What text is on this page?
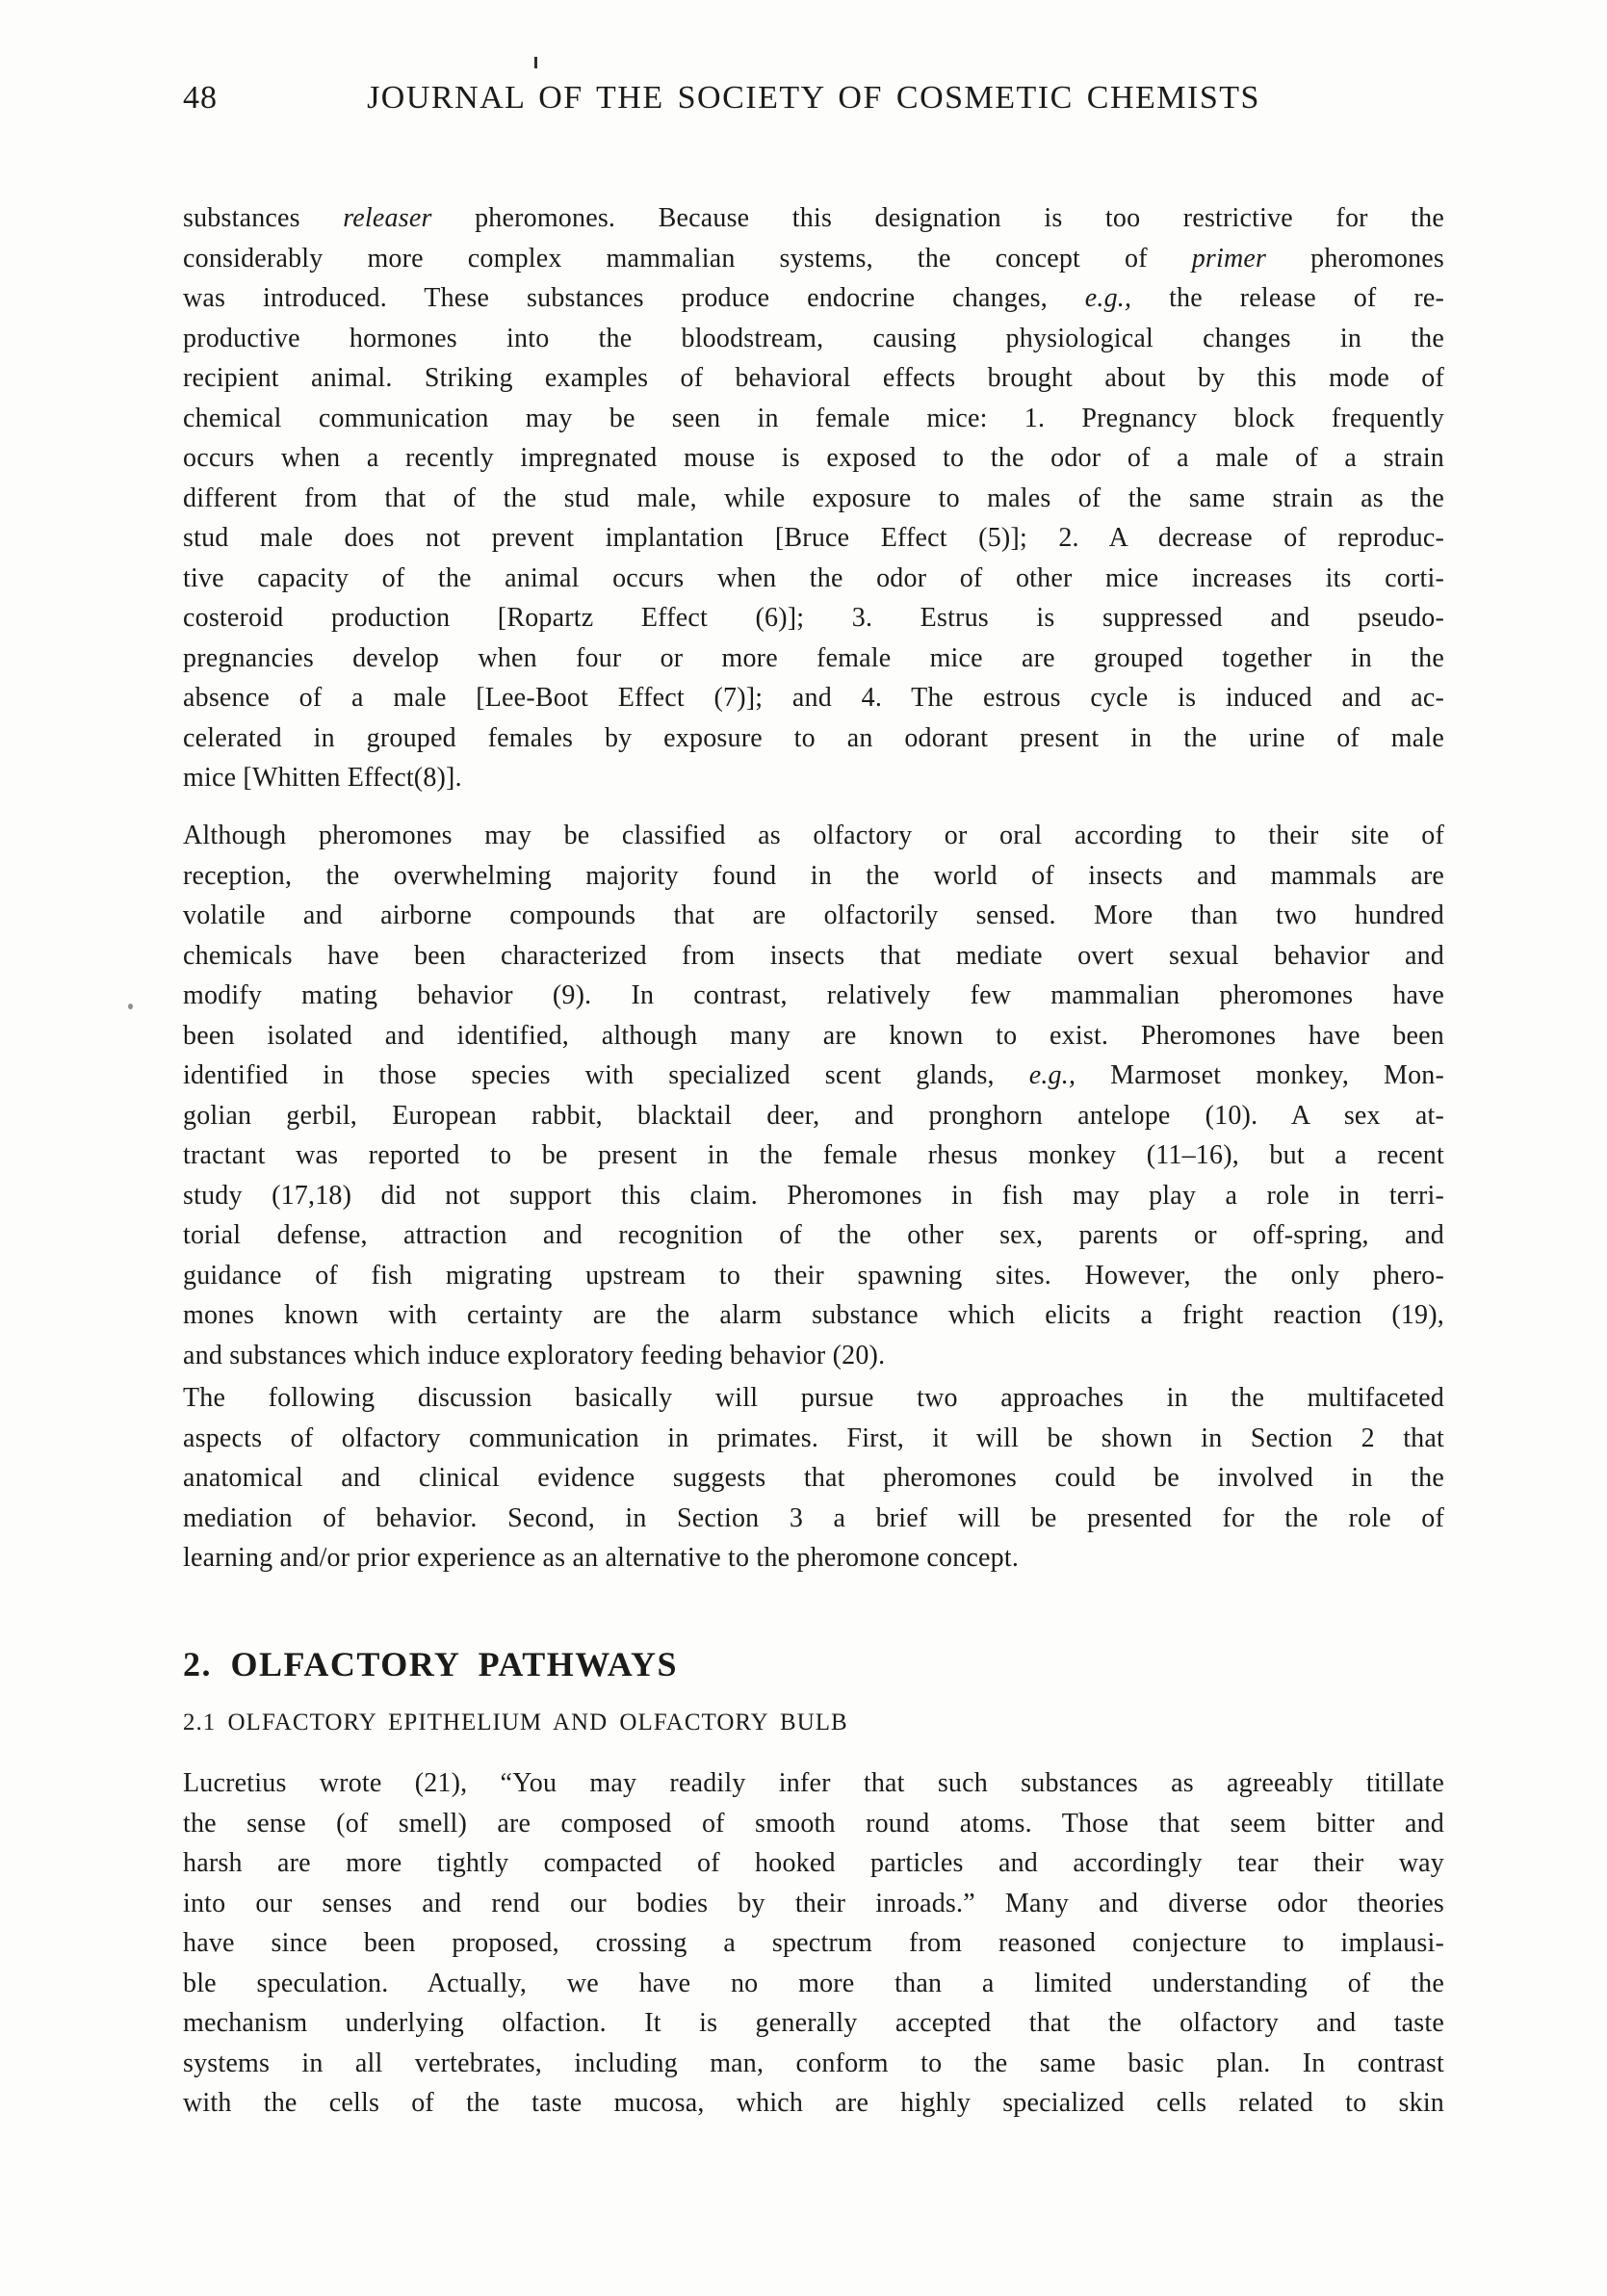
48	JOURNAL OF THE SOCIETY OF COSMETIC CHEMISTS
substances releaser pheromones. Because this designation is too restrictive for the
considerably more complex mammalian systems, the concept of primer pheromones
was introduced. These substances produce endocrine changes, e.g., the release of re-
productive hormones into the bloodstream, causing physiological changes in the
recipient animal. Striking examples of behavioral effects brought about by this mode of
chemical communication may be seen in female mice: 1. Pregnancy block frequently
occurs when a recently impregnated mouse is exposed to the odor of a male of a strain
different from that of the stud male, while exposure to males of the same strain as the
stud male does not prevent implantation [Bruce Effect (5)]; 2. A decrease of reproduc-
tive capacity of the animal occurs when the odor of other mice increases its corti-
costeroid production [Ropartz Effect (6)]; 3. Estrus is suppressed and pseudo-
pregnancies develop when four or more female mice are grouped together in the
absence of a male [Lee-Boot Effect (7)]; and 4. The estrous cycle is induced and ac-
celerated in grouped females by exposure to an odorant present in the urine of male
mice [Whitten Effect(8)].
Although pheromones may be classified as olfactory or oral according to their site of
reception, the overwhelming majority found in the world of insects and mammals are
volatile and airborne compounds that are olfactorily sensed. More than two hundred
chemicals have been characterized from insects that mediate overt sexual behavior and
modify mating behavior (9). In contrast, relatively few mammalian pheromones have
been isolated and identified, although many are known to exist. Pheromones have been
identified in those species with specialized scent glands, e.g., Marmoset monkey, Mon-
golian gerbil, European rabbit, blacktail deer, and pronghorn antelope (10). A sex at-
tractant was reported to be present in the female rhesus monkey (11–16), but a recent
study (17,18) did not support this claim. Pheromones in fish may play a role in terri-
torial defense, attraction and recognition of the other sex, parents or off-spring, and
guidance of fish migrating upstream to their spawning sites. However, the only phero-
mones known with certainty are the alarm substance which elicits a fright reaction (19),
and substances which induce exploratory feeding behavior (20).
The following discussion basically will pursue two approaches in the multifaceted
aspects of olfactory communication in primates. First, it will be shown in Section 2 that
anatomical and clinical evidence suggests that pheromones could be involved in the
mediation of behavior. Second, in Section 3 a brief will be presented for the role of
learning and/or prior experience as an alternative to the pheromone concept.
2. OLFACTORY PATHWAYS
2.1 OLFACTORY EPITHELIUM AND OLFACTORY BULB
Lucretius wrote (21), “You may readily infer that such substances as agreeably titillate
the sense (of smell) are composed of smooth round atoms. Those that seem bitter and
harsh are more tightly compacted of hooked particles and accordingly tear their way
into our senses and rend our bodies by their inroads.” Many and diverse odor theories
have since been proposed, crossing a spectrum from reasoned conjecture to implausi-
ble speculation. Actually, we have no more than a limited understanding of the
mechanism underlying olfaction. It is generally accepted that the olfactory and taste
systems in all vertebrates, including man, conform to the same basic plan. In contrast
with the cells of the taste mucosa, which are highly specialized cells related to skin
